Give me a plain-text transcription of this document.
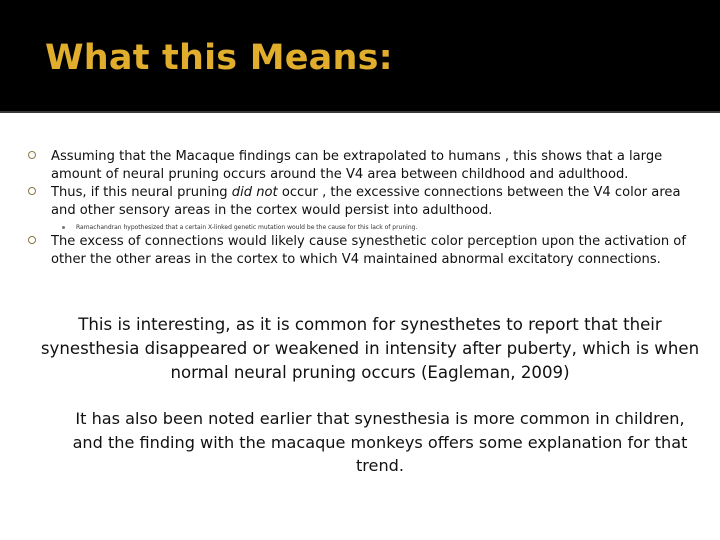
What this Means:
Assuming that the Macaque findings can be extrapolated to humans , this shows that a large amount of neural pruning occurs around the V4 area between childhood and adulthood.
Thus, if this neural pruning did not occur , the excessive connections between the V4 color area and other sensory areas in the cortex would persist into adulthood.
Ramachandran hypothesized that a certain X-linked genetic mutation would be the cause for this lack of pruning.
The excess of connections would likely cause synesthetic color perception upon the activation of other the other areas in the cortex to which V4 maintained abnormal excitatory connections.
This is interesting, as it is common for synesthetes to report that their synesthesia disappeared or weakened in intensity after puberty, which is when normal neural pruning occurs (Eagleman, 2009)
It has also been noted earlier that synesthesia is more common in children, and the finding with the macaque monkeys offers some explanation for that trend.
